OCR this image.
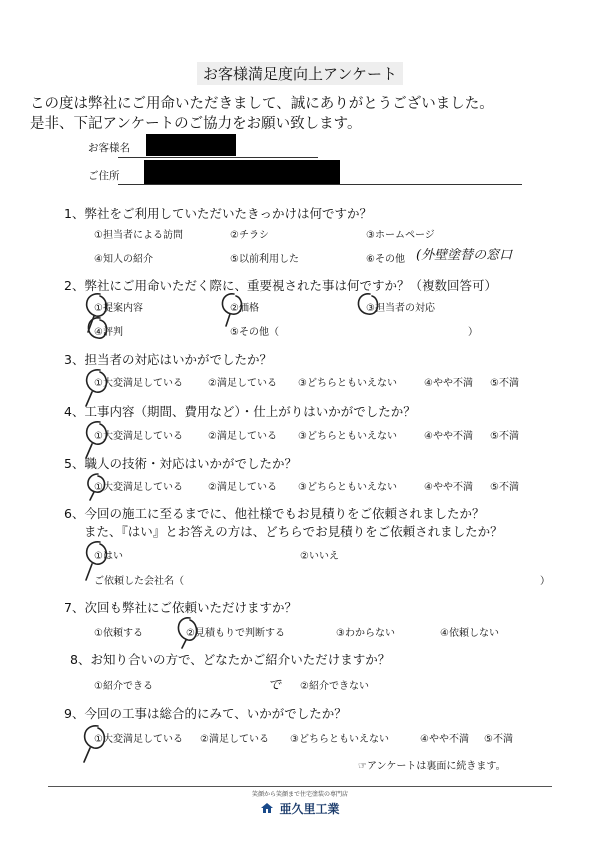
お客様満足度向上アンケート
この度は弊社にご用命いただきまして、誠にありがとうございました。
是非、下記アンケートのご協力をお願い致します。
お客様名
ご住所
1、弊社をご利用していただいたきっかけは何ですか？
①担当者による訪問	②チラシ	③ホームページ
④知人の紹介	⑤以前利用した	⑥その他 (外壁塗替の窓口
2、弊社にご用命いただく際に、重要視された事は何ですか？（複数回答可）
①提案内容	②価格	③担当者の対応
④評判	⑤その他（	）
3、担当者の対応はいかがでしたか？
①大変満足している	②満足している ③どちらともいえない	④やや不満 ⑤不満
4、工事内容（期間、費用など）・仕上がりはいかがでしたか？
①大変満足している	②満足している ③どちらともいえない	④やや不満 ⑤不満
5、職人の技術・対応はいかがでしたか？
①大変満足している	②満足している ③どちらともいえない	④やや不満 ⑤不満
6、今回の施工に至るまでに、他社様でもお見積りをご依頼されましたか？
また、『はい』とお答えの方は、どちらでお見積りをご依頼されましたか？
①はい	②いいえ
ご依頼した会社名（	）
7、次回も弊社にご依頼いただけますか？
①依頼する	②見積もりで判断する	③わからない	④依頼しない
8、お知り合いの方で、どなたかご紹介いただけますか？
①紹介できる	で ②紹介できない
9、今回の工事は総合的にみて、いかがでしたか？
①大変満足している ②満足している ③どちらともいえない	④やや不満 ⑤不満
☞アンケートは裏面に続きます。
笑顔から笑顔まで住宅塗装の専門店
亜久里工業
